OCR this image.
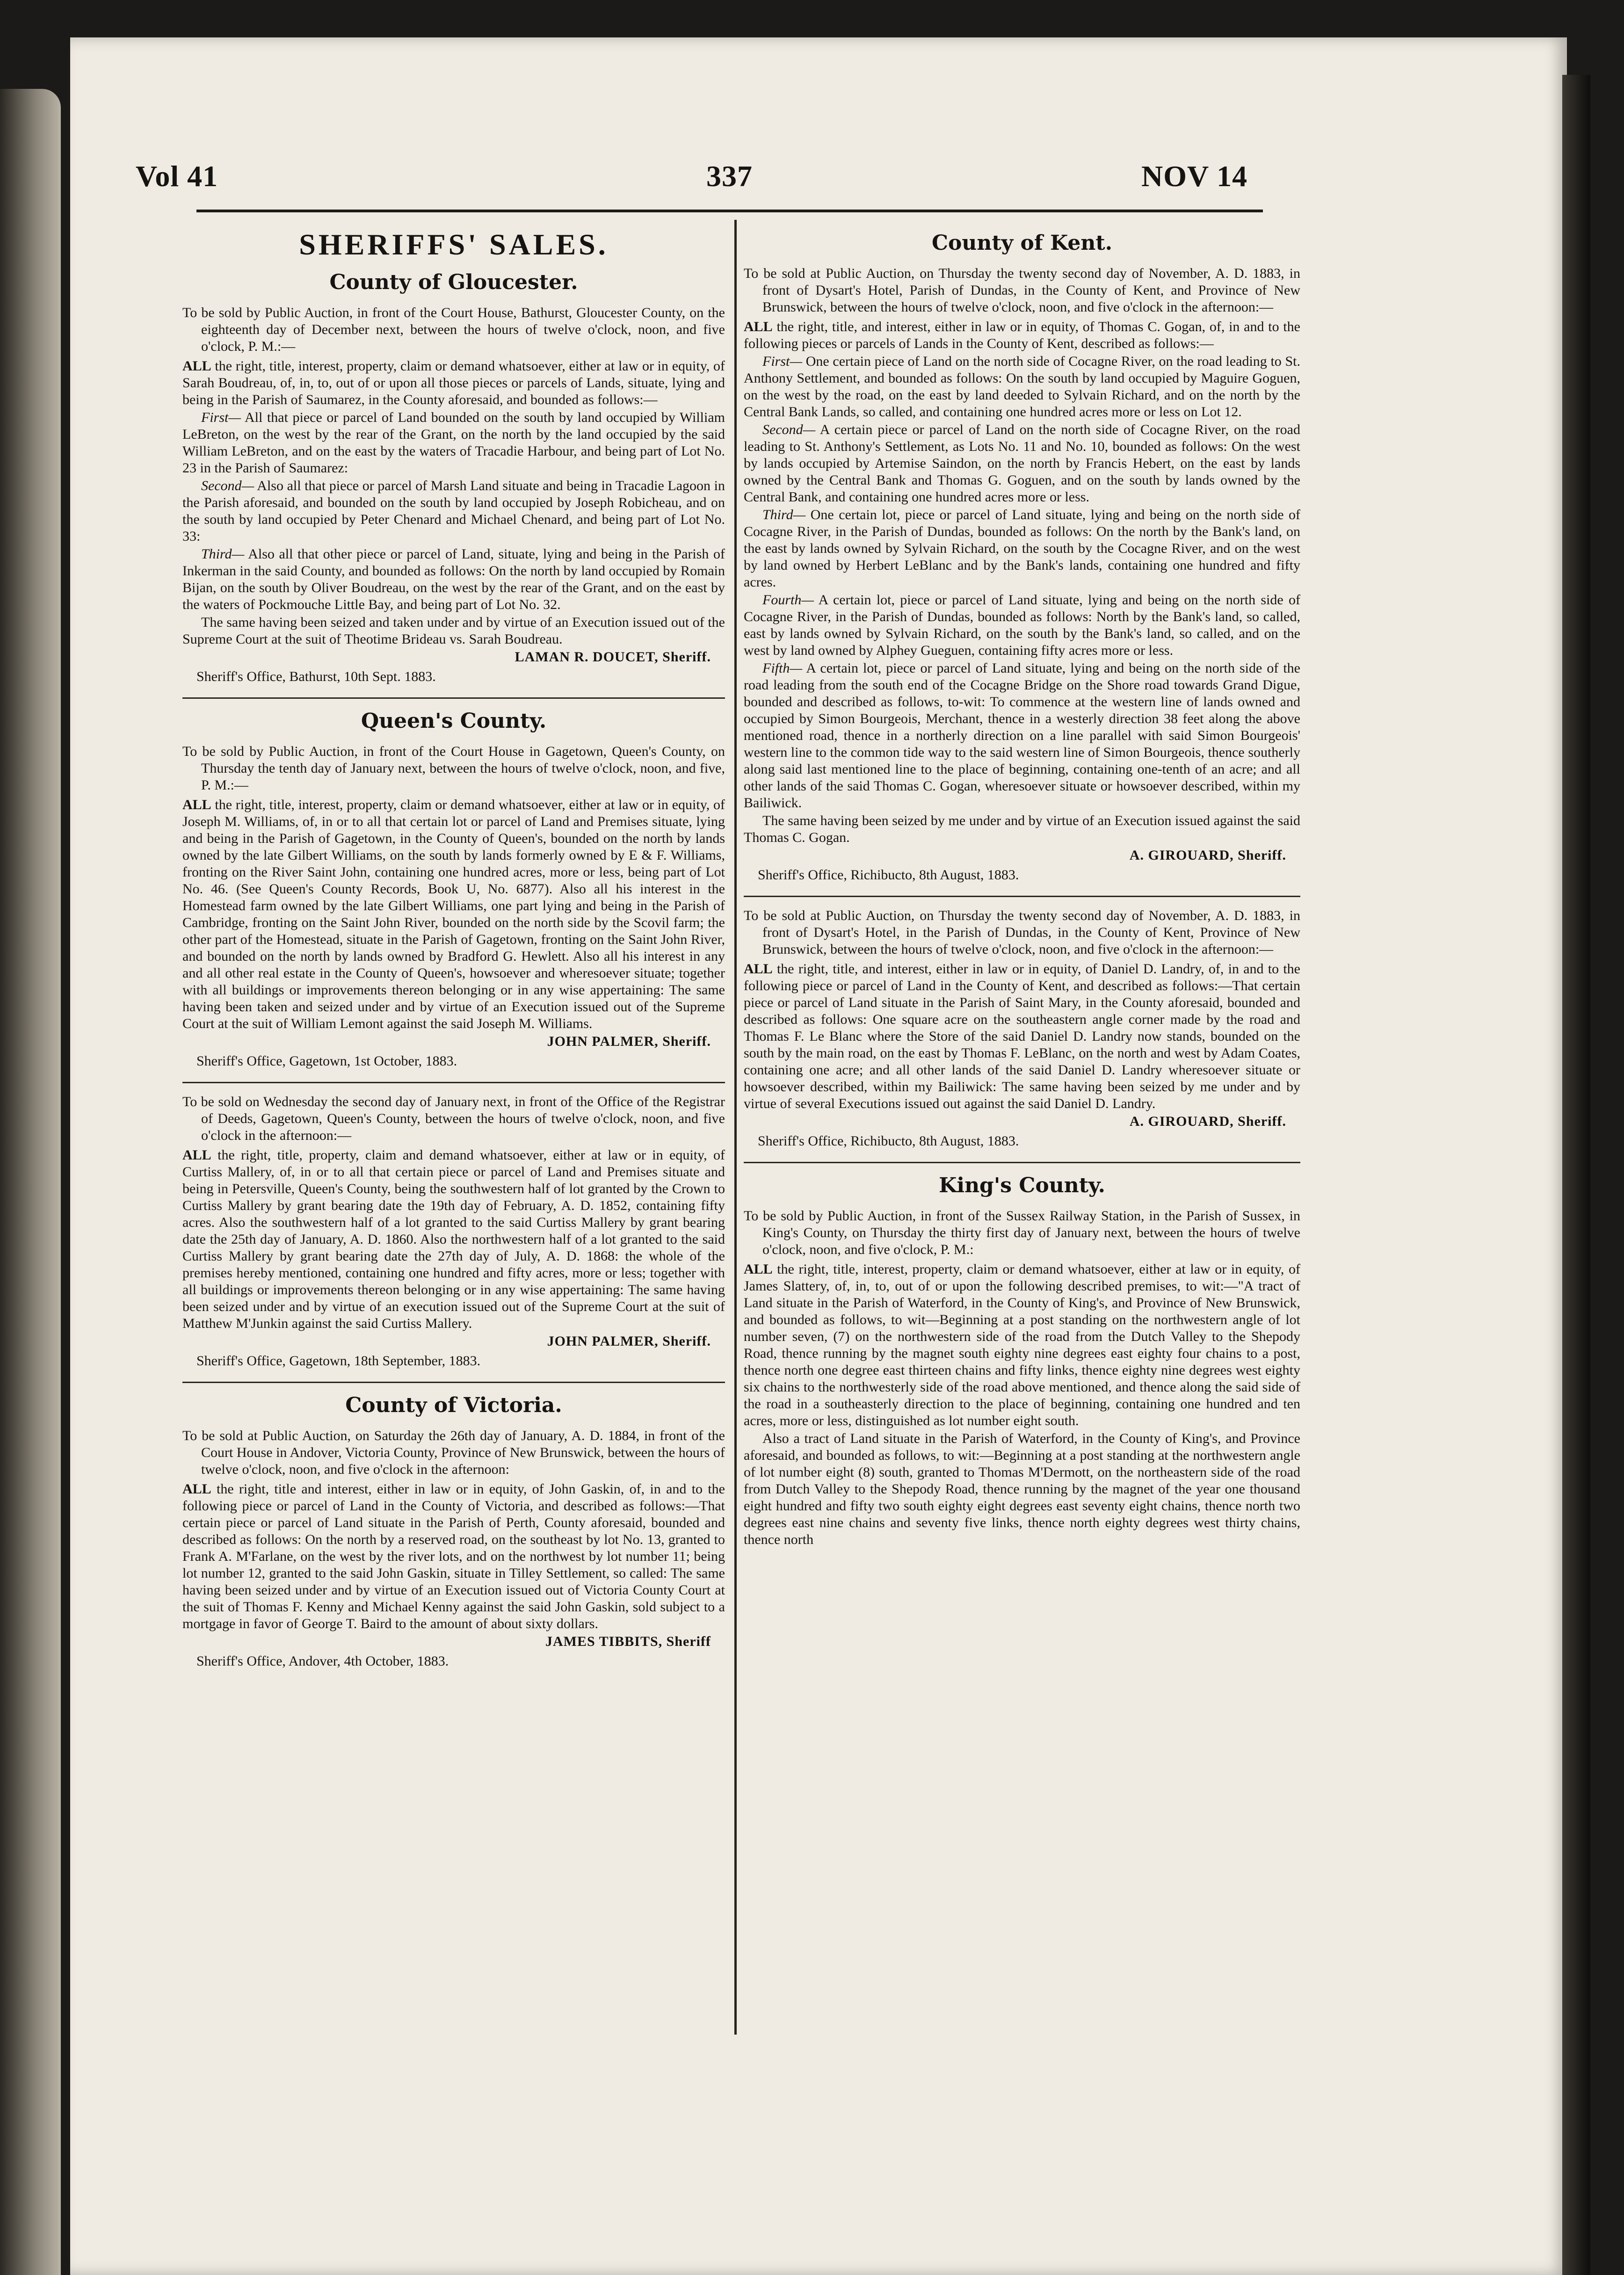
Vol 41	337	NOV 14
SHERIFFS' SALES.
County of Gloucester.

To be sold by Public Auction, in front of the Court House, Bathurst, Gloucester County, on the eighteenth day of December next, between the hours of twelve o'clock, noon, and five o'clock, P. M.:—

ALL the right, title, interest, property, claim or demand whatsoever, either at law or in equity, of Sarah Boudreau, of, in, to, out of or upon all those pieces or parcels of Lands, situate, lying and being in the Parish of Saumarez, in the County aforesaid, and bounded as follows:—

First— All that piece or parcel of Land bounded on the south by land occupied by William LeBreton, on the west by the rear of the Grant, on the north by the land occupied by the said William LeBreton, and on the east by the waters of Tracadie Harbour, and being part of Lot No. 23 in the Parish of Saumarez:

Second— Also all that piece or parcel of Marsh Land situate and being in Tracadie Lagoon in the Parish aforesaid, and bounded on the south by land occupied by Joseph Robicheau, and on the south by land occupied by Peter Chenard and Michael Chenard, and being part of Lot No. 33:

Third— Also all that other piece or parcel of Land, situate, lying and being in the Parish of Inkerman in the said County, and bounded as follows: On the north by land occupied by Romain Bijan, on the south by Oliver Boudreau, on the west by the rear of the Grant, and on the east by the waters of Pockmouche Little Bay, and being part of Lot No. 32.

The same having been seized and taken under and by virtue of an Execution issued out of the Supreme Court at the suit of Theotime Brideau vs. Sarah Boudreau.

LAMAN R. DOUCET, Sheriff.

Sheriff's Office, Bathurst, 10th Sept. 1883.

Queen's County.

To be sold by Public Auction, in front of the Court House in Gagetown, Queen's County, on Thursday the tenth day of January next, between the hours of twelve o'clock, noon, and five, P. M.:—

ALL the right, title, interest, property, claim or demand whatsoever, either at law or in equity, of Joseph M. Williams, of, in or to all that certain lot or parcel of Land and Premises situate, lying and being in the Parish of Gagetown, in the County of Queen's, bounded on the north by lands owned by the late Gilbert Williams, on the south by lands formerly owned by E & F. Williams, fronting on the River Saint John, containing one hundred acres, more or less, being part of Lot No. 46. (See Queen's County Records, Book U, No. 6877). Also all his interest in the Homestead farm owned by the late Gilbert Williams, one part lying and being in the Parish of Cambridge, fronting on the Saint John River, bounded on the north side by the Scovil farm; the other part of the Homestead, situate in the Parish of Gagetown, fronting on the Saint John River, and bounded on the north by lands owned by Bradford G. Hewlett. Also all his interest in any and all other real estate in the County of Queen's, howsoever and wheresoever situate; together with all buildings or improvements thereon belonging or in any wise appertaining: The same having been taken and seized under and by virtue of an Execution issued out of the Supreme Court at the suit of William Lemont against the said Joseph M. Williams.

JOHN PALMER, Sheriff.

Sheriff's Office, Gagetown, 1st October, 1883.

To be sold on Wednesday the second day of January next, in front of the Office of the Registrar of Deeds, Gagetown, Queen's County, between the hours of twelve o'clock, noon, and five o'clock in the afternoon:—

ALL the right, title, property, claim and demand whatsoever, either at law or in equity, of Curtiss Mallery, of, in or to all that certain piece or parcel of Land and Premises situate and being in Petersville, Queen's County, being the southwestern half of lot granted by the Crown to Curtiss Mallery by grant bearing date the 19th day of February, A. D. 1852, containing fifty acres. Also the southwestern half of a lot granted to the said Curtiss Mallery by grant bearing date the 25th day of January, A. D. 1860. Also the northwestern half of a lot granted to the said Curtiss Mallery by grant bearing date the 27th day of July, A. D. 1868: the whole of the premises hereby mentioned, containing one hundred and fifty acres, more or less; together with all buildings or improvements thereon belonging or in any wise appertaining: The same having been seized under and by virtue of an execution issued out of the Supreme Court at the suit of Matthew M'Junkin against the said Curtiss Mallery.

JOHN PALMER, Sheriff.

Sheriff's Office, Gagetown, 18th September, 1883.

County of Victoria.

To be sold at Public Auction, on Saturday the 26th day of January, A. D. 1884, in front of the Court House in Andover, Victoria County, Province of New Brunswick, between the hours of twelve o'clock, noon, and five o'clock in the afternoon:

ALL the right, title and interest, either in law or in equity, of John Gaskin, of, in and to the following piece or parcel of Land in the County of Victoria, and described as follows:—That certain piece or parcel of Land situate in the Parish of Perth, County aforesaid, bounded and described as follows: On the north by a reserved road, on the southeast by lot No. 13, granted to Frank A. M'Farlane, on the west by the river lots, and on the northwest by lot number 11; being lot number 12, granted to the said John Gaskin, situate in Tilley Settlement, so called: The same having been seized under and by virtue of an Execution issued out of Victoria County Court at the suit of Thomas F. Kenny and Michael Kenny against the said John Gaskin, sold subject to a mortgage in favor of George T. Baird to the amount of about sixty dollars.

JAMES TIBBITS, Sheriff

Sheriff's Office, Andover, 4th October, 1883.

County of Kent.

To be sold at Public Auction, on Thursday the twenty second day of November, A. D. 1883, in front of Dysart's Hotel, Parish of Dundas, in the County of Kent, and Province of New Brunswick, between the hours of twelve o'clock, noon, and five o'clock in the afternoon:—

ALL the right, title, and interest, either in law or in equity, of Thomas C. Gogan, of, in and to the following pieces or parcels of Lands in the County of Kent, described as follows:—

First— One certain piece of Land on the north side of Cocagne River, on the road leading to St. Anthony Settlement, and bounded as follows: On the south by land occupied by Maguire Goguen, on the west by the road, on the east by land deeded to Sylvain Richard, and on the north by the Central Bank Lands, so called, and containing one hundred acres more or less on Lot 12.

Second— A certain piece or parcel of Land on the north side of Cocagne River, on the road leading to St. Anthony's Settlement, as Lots No. 11 and No. 10, bounded as follows: On the west by lands occupied by Artemise Saindon, on the north by Francis Hebert, on the east by lands owned by the Central Bank and Thomas G. Goguen, and on the south by lands owned by the Central Bank, and containing one hundred acres more or less.

Third— One certain lot, piece or parcel of Land situate, lying and being on the north side of Cocagne River, in the Parish of Dundas, bounded as follows: On the north by the Bank's land, on the east by lands owned by Sylvain Richard, on the south by the Cocagne River, and on the west by land owned by Herbert LeBlanc and by the Bank's lands, containing one hundred and fifty acres.

Fourth— A certain lot, piece or parcel of Land situate, lying and being on the north side of Cocagne River, in the Parish of Dundas, bounded as follows: North by the Bank's land, so called, east by lands owned by Sylvain Richard, on the south by the Bank's land, so called, and on the west by land owned by Alphey Gueguen, containing fifty acres more or less.

Fifth— A certain lot, piece or parcel of Land situate, lying and being on the north side of the road leading from the south end of the Cocagne Bridge on the Shore road towards Grand Digue, bounded and described as follows, to-wit: To commence at the western line of lands owned and occupied by Simon Bourgeois, Merchant, thence in a westerly direction 38 feet along the above mentioned road, thence in a northerly direction on a line parallel with said Simon Bourgeois' western line to the common tide way to the said western line of Simon Bourgeois, thence southerly along said last mentioned line to the place of beginning, containing one-tenth of an acre; and all other lands of the said Thomas C. Gogan, wheresoever situate or howsoever described, within my Bailiwick.

The same having been seized by me under and by virtue of an Execution issued against the said Thomas C. Gogan.

A. GIROUARD, Sheriff.

Sheriff's Office, Richibucto, 8th August, 1883.

To be sold at Public Auction, on Thursday the twenty second day of November, A. D. 1883, in front of Dysart's Hotel, in the Parish of Dundas, in the County of Kent, Province of New Brunswick, between the hours of twelve o'clock, noon, and five o'clock in the afternoon:—

ALL the right, title, and interest, either in law or in equity, of Daniel D. Landry, of, in and to the following piece or parcel of Land in the County of Kent, and described as follows:—That certain piece or parcel of Land situate in the Parish of Saint Mary, in the County aforesaid, bounded and described as follows: One square acre on the southeastern angle corner made by the road and Thomas F. Le Blanc where the Store of the said Daniel D. Landry now stands, bounded on the south by the main road, on the east by Thomas F. LeBlanc, on the north and west by Adam Coates, containing one acre; and all other lands of the said Daniel D. Landry wheresoever situate or howsoever described, within my Bailiwick: The same having been seized by me under and by virtue of several Executions issued out against the said Daniel D. Landry.

A. GIROUARD, Sheriff.

Sheriff's Office, Richibucto, 8th August, 1883.

King's County.

To be sold by Public Auction, in front of the Sussex Railway Station, in the Parish of Sussex, in King's County, on Thursday the thirty first day of January next, between the hours of twelve o'clock, noon, and five o'clock, P. M.:

ALL the right, title, interest, property, claim or demand whatsoever, either at law or in equity, of James Slattery, of, in, to, out of or upon the following described premises, to wit:—"A tract of Land situate in the Parish of Waterford, in the County of King's, and Province of New Brunswick, and bounded as follows, to wit—Beginning at a post standing on the northwestern angle of lot number seven, (7) on the northwestern side of the road from the Dutch Valley to the Shepody Road, thence running by the magnet south eighty nine degrees east eighty four chains to a post, thence north one degree east thirteen chains and fifty links, thence eighty nine degrees west eighty six chains to the northwesterly side of the road above mentioned, and thence along the said side of the road in a southeasterly direction to the place of beginning, containing one hundred and ten acres, more or less, distinguished as lot number eight south.

Also a tract of Land situate in the Parish of Waterford, in the County of King's, and Province aforesaid, and bounded as follows, to wit:—Beginning at a post standing at the northwestern angle of lot number eight (8) south, granted to Thomas M'Dermott, on the northeastern side of the road from Dutch Valley to the Shepody Road, thence running by the magnet of the year one thousand eight hundred and fifty two south eighty eight degrees east seventy eight chains, thence north two degrees east nine chains and seventy five links, thence north eighty degrees west thirty chains, thence north
